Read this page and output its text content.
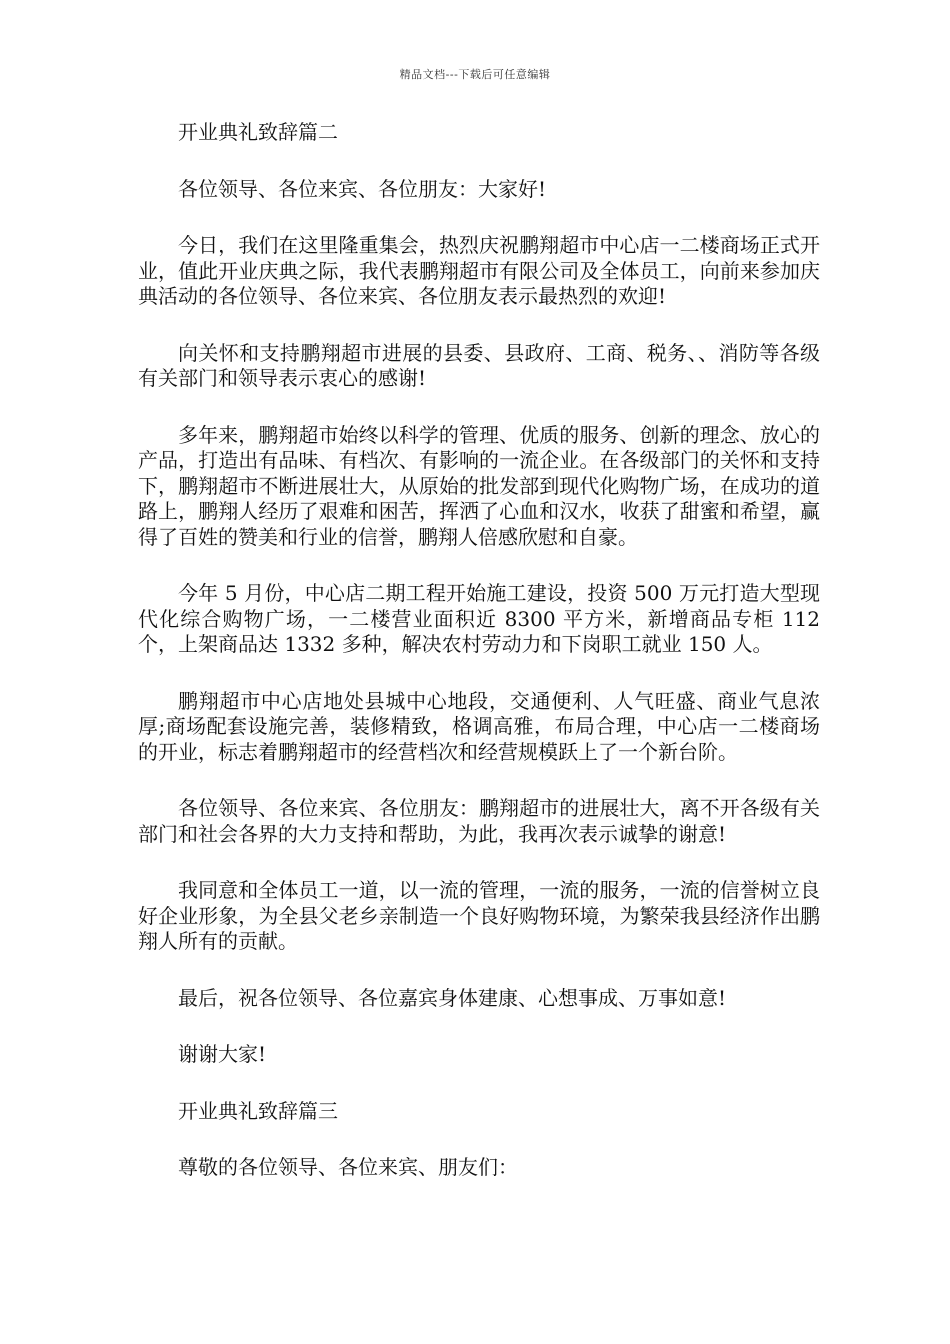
精品文档---下载后可任意编辑

开业典礼致辞篇二

各位领导、各位来宾、各位朋友：大家好!

今日，我们在这里隆重集会，热烈庆祝鹏翔超市中心店一二楼商场正式开业，值此开业庆典之际，我代表鹏翔超市有限公司及全体员工，向前来参加庆典活动的各位领导、各位来宾、各位朋友表示最热烈的欢迎!

向关怀和支持鹏翔超市进展的县委、县政府、工商、税务、、消防等各级有关部门和领导表示衷心的感谢!

多年来，鹏翔超市始终以科学的管理、优质的服务、创新的理念、放心的产品，打造出有品味、有档次、有影响的一流企业。在各级部门的关怀和支持下，鹏翔超市不断进展壮大，从原始的批发部到现代化购物广场，在成功的道路上，鹏翔人经历了艰难和困苦，挥洒了心血和汉水，收获了甜蜜和希望，赢得了百姓的赞美和行业的信誉，鹏翔人倍感欣慰和自豪。

今年 5 月份，中心店二期工程开始施工建设，投资 500 万元打造大型现代化综合购物广场，一二楼营业面积近 8300 平方米，新增商品专柜 112 个，上架商品达 1332 多种，解决农村劳动力和下岗职工就业 150 人。

鹏翔超市中心店地处县城中心地段，交通便利、人气旺盛、商业气息浓厚;商场配套设施完善，装修精致，格调高雅，布局合理，中心店一二楼商场的开业，标志着鹏翔超市的经营档次和经营规模跃上了一个新台阶。

各位领导、各位来宾、各位朋友：鹏翔超市的进展壮大，离不开各级有关部门和社会各界的大力支持和帮助，为此，我再次表示诚挚的谢意!

我同意和全体员工一道，以一流的管理，一流的服务，一流的信誉树立良好企业形象，为全县父老乡亲制造一个良好购物环境，为繁荣我县经济作出鹏翔人所有的贡献。

最后，祝各位领导、各位嘉宾身体建康、心想事成、万事如意!

谢谢大家!

开业典礼致辞篇三

尊敬的各位领导、各位来宾、朋友们：
